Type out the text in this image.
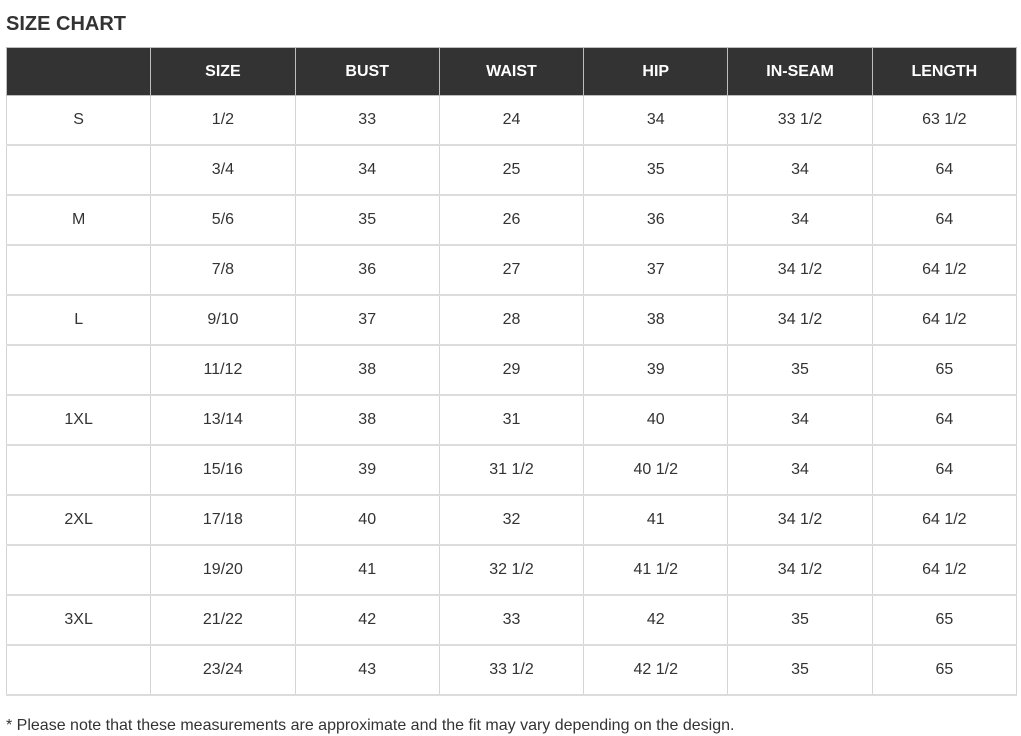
SIZE CHART
	SIZE	BUST	WAIST	HIP	IN-SEAM	LENGTH
S	1/2	33	24	34	33 1/2	63 1/2
	3/4	34	25	35	34	64
M	5/6	35	26	36	34	64
	7/8	36	27	37	34 1/2	64 1/2
L	9/10	37	28	38	34 1/2	64 1/2
	11/12	38	29	39	35	65
1XL	13/14	38	31	40	34	64
	15/16	39	31 1/2	40 1/2	34	64
2XL	17/18	40	32	41	34 1/2	64 1/2
	19/20	41	32 1/2	41 1/2	34 1/2	64 1/2
3XL	21/22	42	33	42	35	65
	23/24	43	33 1/2	42 1/2	35	65
* Please note that these measurements are approximate and the fit may vary depending on the design.
